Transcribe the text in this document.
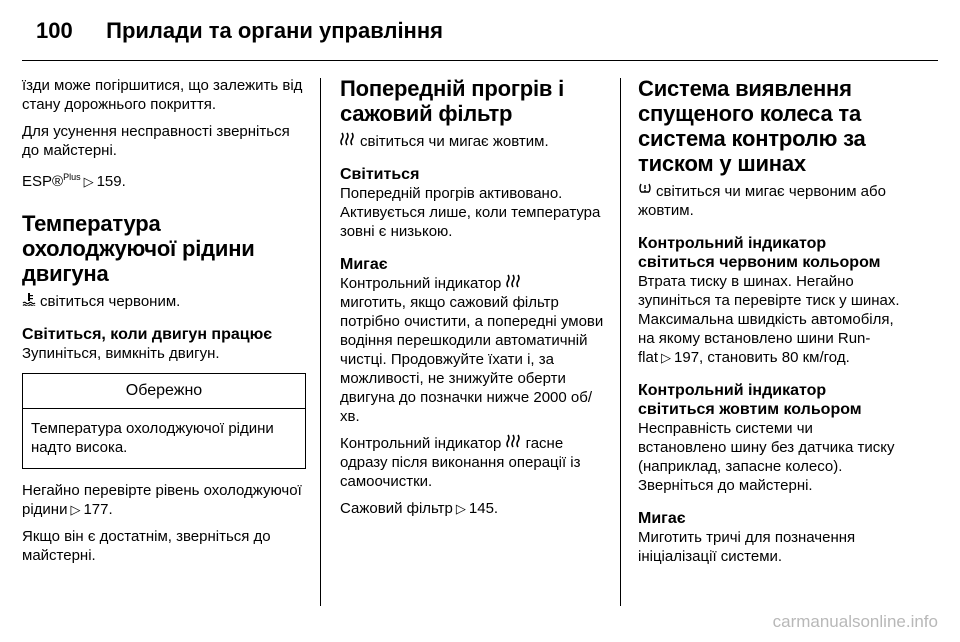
100 Прилади та органи управління

їзди може погіршитися, що залежить від стану дорожнього покриття.

Для усунення несправності зверніться до майстерні.

ESP®$^{Plus}$ ▷ 159.

Температура охолоджуючої рідини двигуна

світиться червоним.

Світиться, коли двигун працює

Зупиніться, вимкніть двигун.

Обережно
Температура охолоджуючої рідини надто висока.

Негайно перевірте рівень охолоджуючої рідини ▷ 177.

Якщо він є достатнім, зверніться до майстерні.

Попередній прогрів і сажовий фільтр

світиться чи мигає жовтим.

Світиться

Попередній прогрів активовано. Активується лише, коли температура зовні є низькою.

Мигає

Контрольний індикатор

миготить, якщо сажовий фільтр потрібно очистити, а попередні умови водіння перешкодили автоматичній чистці. Продовжуйте їхати і, за можливості, не знижуйте оберти двигуна до позначки нижче 2000 об/хв.

Контрольний індикатор гасне одразу після виконання операції із самоочистки.

Сажовий фільтр ▷ 145.

Система виявлення спущеного колеса та система контролю за тиском у шинах

світиться чи мигає червоним або жовтим.

Контрольний індикатор світиться червоним кольором

Втрата тиску в шинах. Негайно зупиніться та перевірте тиск у шинах. Максимальна швидкість автомобіля, на якому встановлено шини Run-flat ▷ 197, становить 80 км/год.

Контрольний індикатор світиться жовтим кольором

Несправність системи чи встановлено шину без датчика тиску (наприклад, запасне колесо). Зверніться до майстерні.

Мигає

Миготить тричі для позначення ініціалізації системи.

carmanualsonline.info
